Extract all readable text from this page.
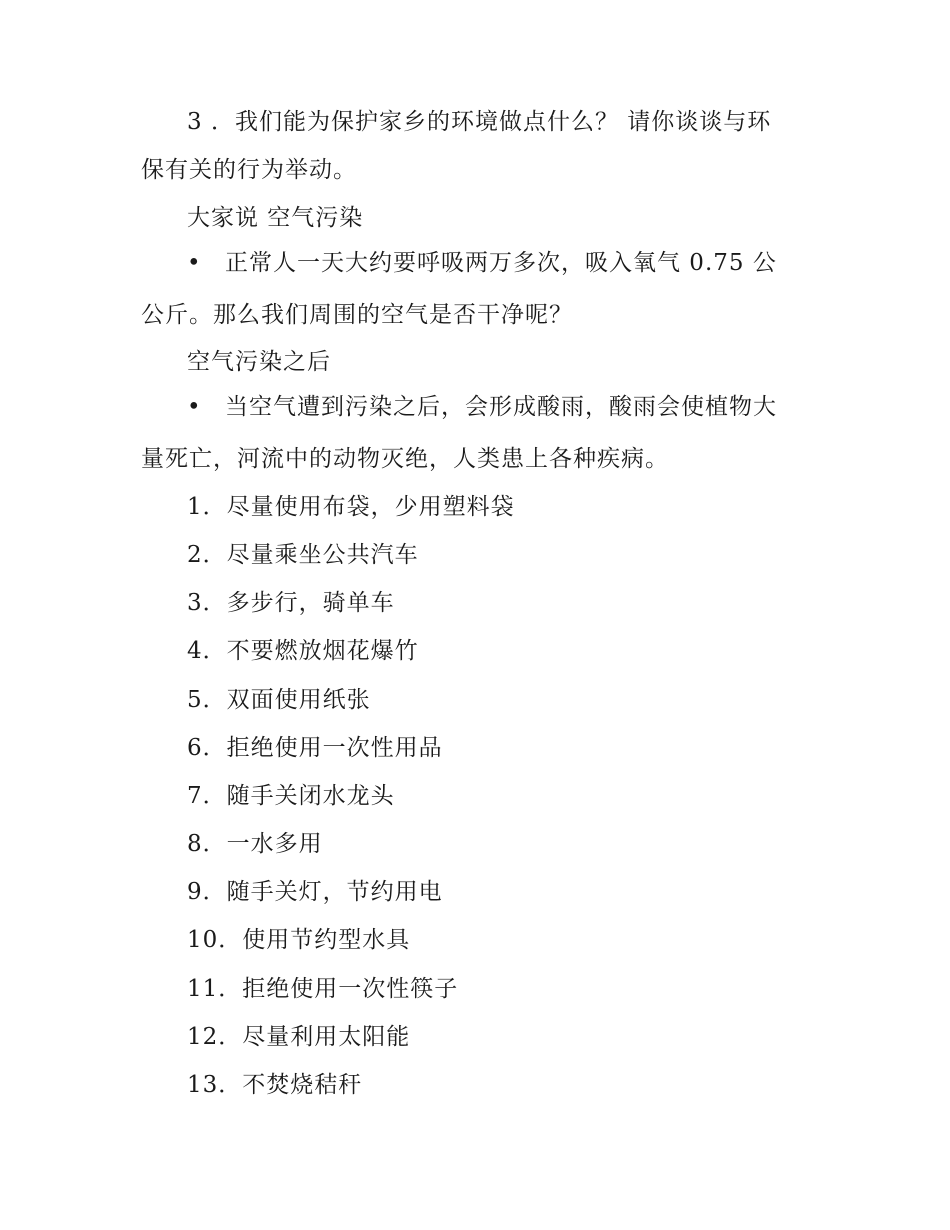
3 ．我们能为保护家乡的环境做点什么？ 请你谈谈与环
保有关的行为举动。
大家说 空气污染
• 正常人一天大约要呼吸两万多次，吸入氧气 0.75 公
公斤。那么我们周围的空气是否干净呢？
空气污染之后
• 当空气遭到污染之后，会形成酸雨，酸雨会使植物大
量死亡，河流中的动物灭绝，人类患上各种疾病。
1．尽量使用布袋，少用塑料袋
2．尽量乘坐公共汽车
3．多步行，骑单车
4．不要燃放烟花爆竹
5．双面使用纸张
6．拒绝使用一次性用品
7．随手关闭水龙头
8．一水多用
9．随手关灯，节约用电
10．使用节约型水具
11．拒绝使用一次性筷子
12．尽量利用太阳能
13．不焚烧秸秆
